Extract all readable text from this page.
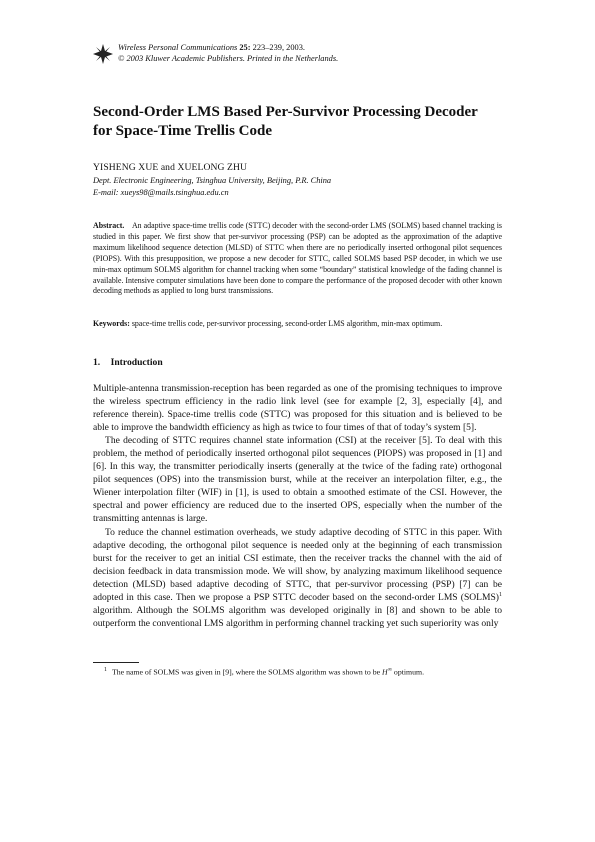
Wireless Personal Communications 25: 223–239, 2003.
© 2003 Kluwer Academic Publishers. Printed in the Netherlands.
Second-Order LMS Based Per-Survivor Processing Decoder
for Space-Time Trellis Code
YISHENG XUE and XUELONG ZHU
Dept. Electronic Engineering, Tsinghua University, Beijing, P.R. China
E-mail: xueys98@mails.tsinghua.edu.cn
Abstract.   An adaptive space-time trellis code (STTC) decoder with the second-order LMS (SOLMS) based channel tracking is studied in this paper. We first show that per-survivor processing (PSP) can be adopted as the approximation of the adaptive maximum likelihood sequence detection (MLSD) of STTC when there are no periodically inserted orthogonal pilot sequences (PIOPS). With this presupposition, we propose a new decoder for STTC, called SOLMS based PSP decoder, in which we use min-max optimum SOLMS algorithm for channel tracking when some “boundary” statistical knowledge of the fading channel is available. Intensive computer simulations have been done to compare the performance of the proposed decoder with other known decoding methods as applied to long burst transmissions.
Keywords: space-time trellis code, per-survivor processing, second-order LMS algorithm, min-max optimum.
1. Introduction

Multiple-antenna transmission-reception has been regarded as one of the promising techniques to improve the wireless spectrum efficiency in the radio link level (see for example [2, 3], especially [4], and reference therein). Space-time trellis code (STTC) was proposed for this situation and is believed to be able to improve the bandwidth efficiency as high as twice to four times of that of today’s system [5].

The decoding of STTC requires channel state information (CSI) at the receiver [5]. To deal with this problem, the method of periodically inserted orthogonal pilot sequences (PIOPS) was proposed in [1] and [6]. In this way, the transmitter periodically inserts (generally at the twice of the fading rate) orthogonal pilot sequences (OPS) into the transmission burst, while at the receiver an interpolation filter, e.g., the Wiener interpolation filter (WIF) in [1], is used to obtain a smoothed estimate of the CSI. However, the spectral and power efficiency are reduced due to the inserted OPS, especially when the number of the transmitting antennas is large.

To reduce the channel estimation overheads, we study adaptive decoding of STTC in this paper. With adaptive decoding, the orthogonal pilot sequence is needed only at the beginning of each transmission burst for the receiver to get an initial CSI estimate, then the receiver tracks the channel with the aid of decision feedback in data transmission mode. We will show, by analyzing maximum likelihood sequence detection (MLSD) based adaptive decoding of STTC, that per-survivor processing (PSP) [7] can be adopted in this case. Then we propose a PSP STTC decoder based on the second-order LMS (SOLMS)$^1$ algorithm. Although the SOLMS algorithm was developed originally in [8] and shown to be able to outperform the conventional LMS algorithm in performing channel tracking yet such superiority was only

$^1$ The name of SOLMS was given in [9], where the SOLMS algorithm was shown to be H∞ optimum.
